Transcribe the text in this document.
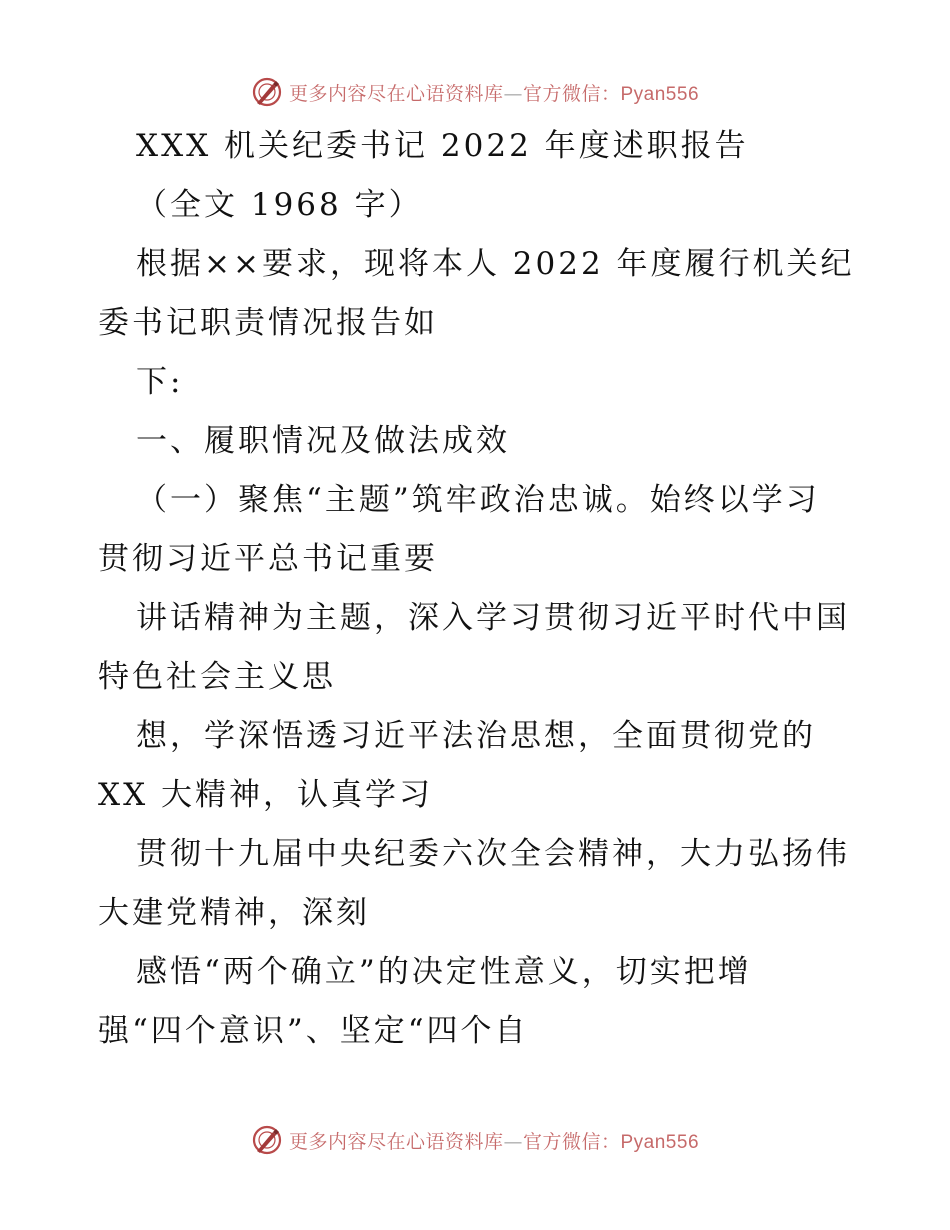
更多内容尽在心语资料库—官方微信：Pyan556
XXX 机关纪委书记 2022 年度述职报告
（全文 1968 字）
根据××要求，现将本人 2022 年度履行机关纪
委书记职责情况报告如
下:
一、履职情况及做法成效
（一）聚焦“主题”筑牢政治忠诚。始终以学习
贯彻习近平总书记重要
讲话精神为主题，深入学习贯彻习近平时代中国
特色社会主义思
想，学深悟透习近平法治思想，全面贯彻党的
XX 大精神，认真学习
贯彻十九届中央纪委六次全会精神，大力弘扬伟
大建党精神，深刻
感悟“两个确立”的决定性意义，切实把增
强“四个意识”、坚定“四个自
更多内容尽在心语资料库—官方微信：Pyan556
